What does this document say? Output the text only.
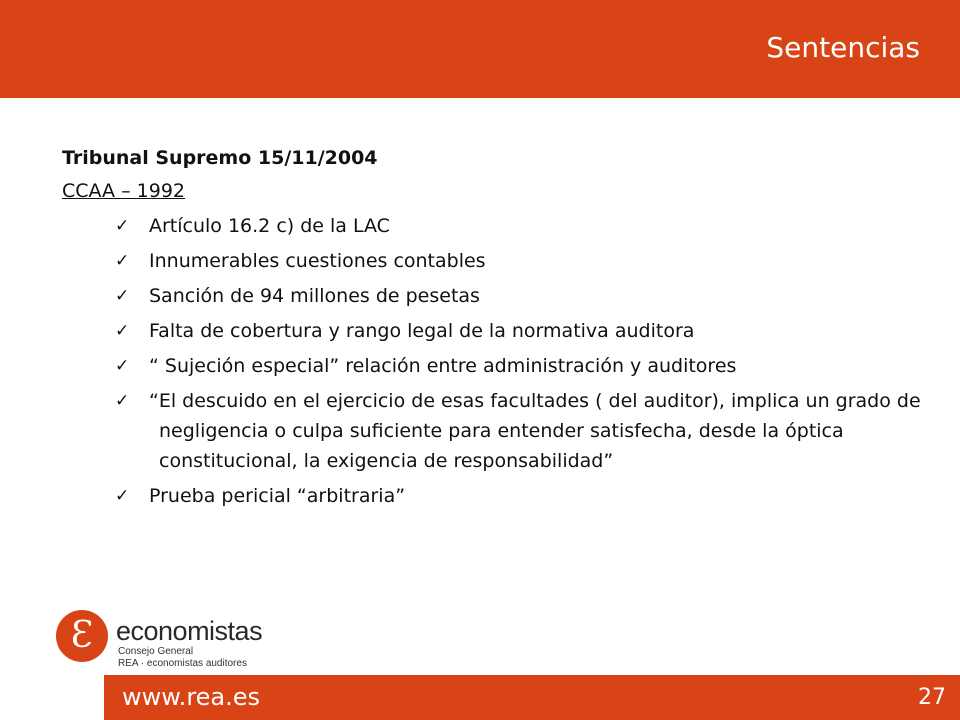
Sentencias
Tribunal Supremo 15/11/2004
CCAA – 1992
✓ Artículo 16.2 c) de la LAC
✓ Innumerables cuestiones contables
✓ Sanción de 94 millones de pesetas
✓ Falta de cobertura y rango legal de la normativa auditora
✓ “ Sujeción especial” relación entre administración y auditores
✓ “El descuido en el ejercicio de esas facultades ( del auditor), implica un grado de negligencia o culpa suficiente para entender satisfecha, desde la óptica constitucional, la exigencia de responsabilidad”
✓ Prueba pericial “arbitraria”
Ɛ economistas
Consejo General
REA · economistas auditores
www.rea.es	27
